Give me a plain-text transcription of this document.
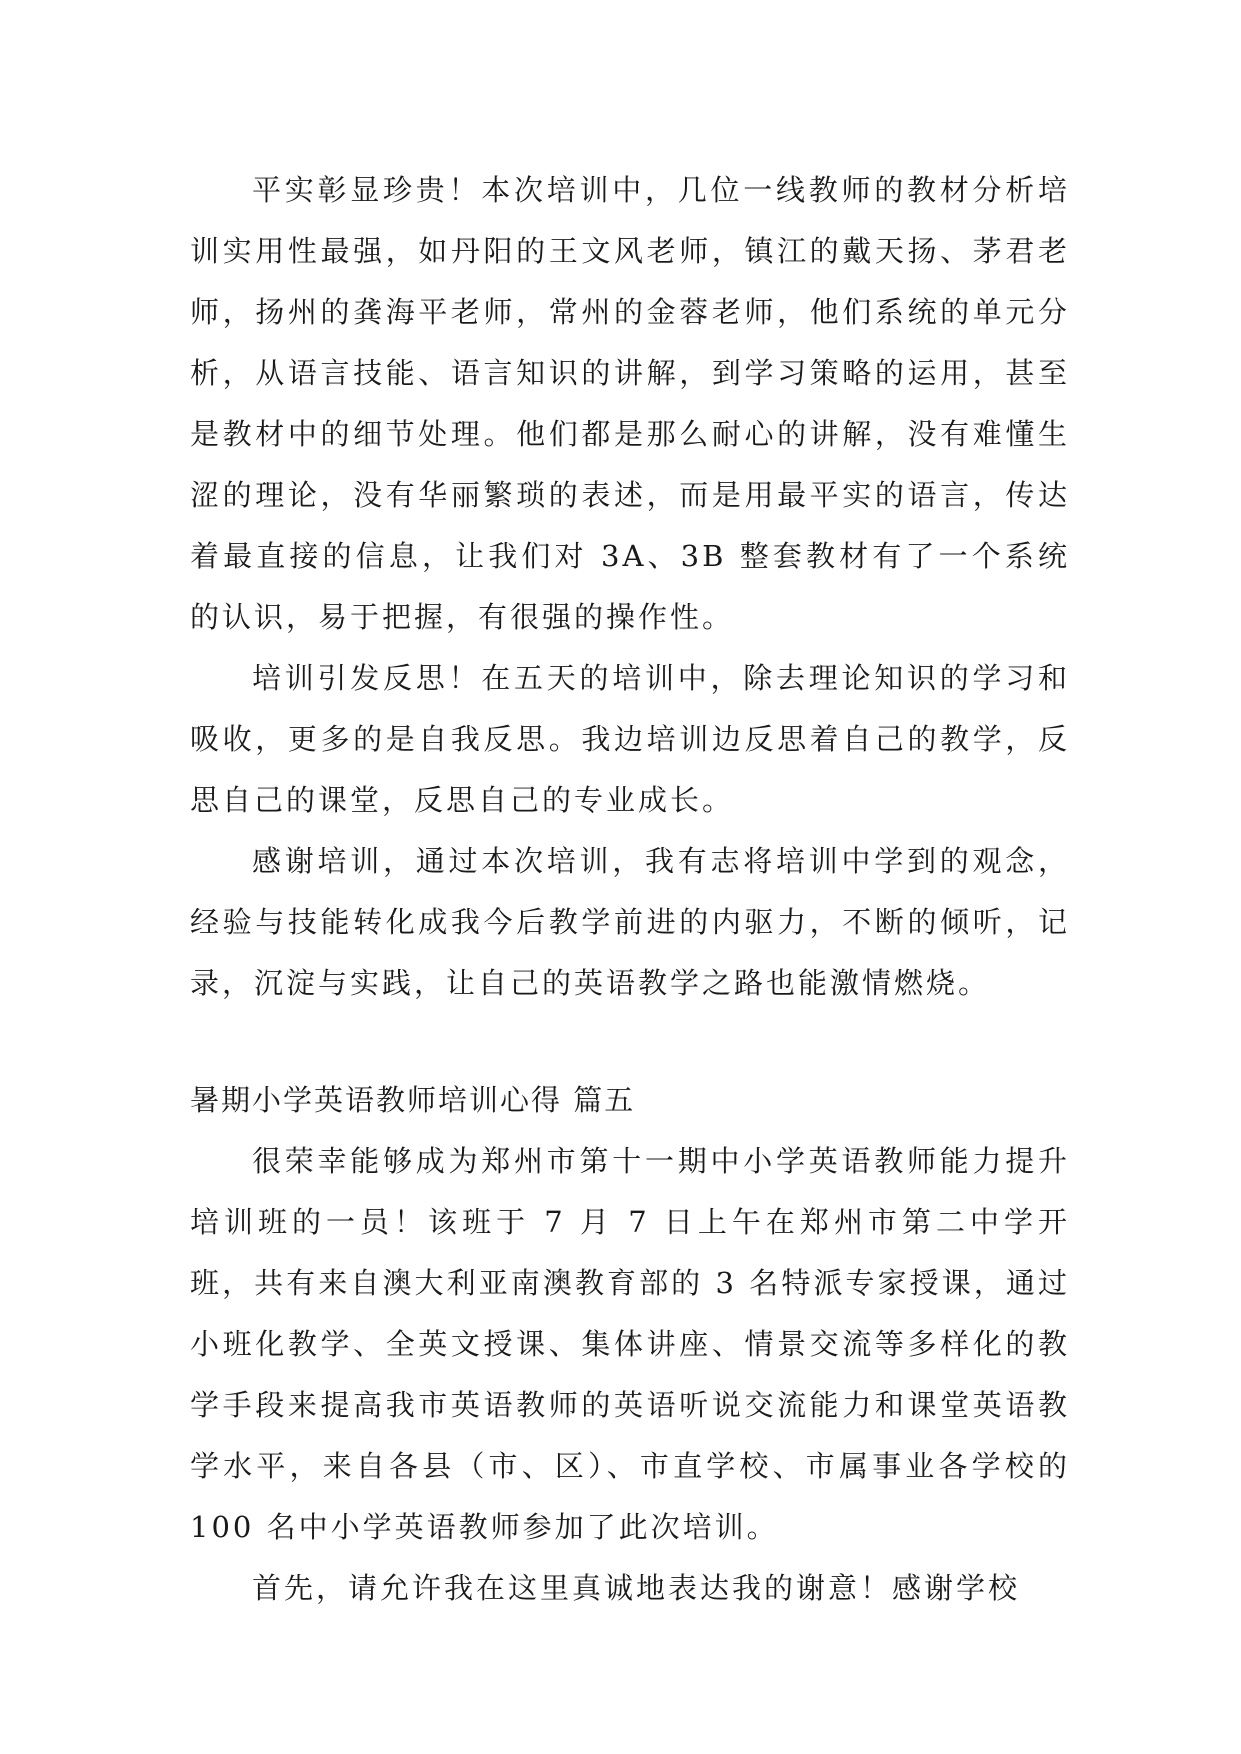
平实彰显珍贵！本次培训中，几位一线教师的教材分析培训实用性最强，如丹阳的王文风老师，镇江的戴天扬、茅君老师，扬州的龚海平老师，常州的金蓉老师，他们系统的单元分析，从语言技能、语言知识的讲解，到学习策略的运用，甚至是教材中的细节处理。他们都是那么耐心的讲解，没有难懂生涩的理论，没有华丽繁琐的表述，而是用最平实的语言，传达着最直接的信息，让我们对 3A、3B 整套教材有了一个系统的认识，易于把握，有很强的操作性。

培训引发反思！在五天的培训中，除去理论知识的学习和吸收，更多的是自我反思。我边培训边反思着自己的教学，反思自己的课堂，反思自己的专业成长。

感谢培训，通过本次培训，我有志将培训中学到的观念，经验与技能转化成我今后教学前进的内驱力，不断的倾听，记录，沉淀与实践，让自己的英语教学之路也能激情燃烧。

暑期小学英语教师培训心得 篇五

很荣幸能够成为郑州市第十一期中小学英语教师能力提升培训班的一员！该班于 7 月 7 日上午在郑州市第二中学开班，共有来自澳大利亚南澳教育部的 3 名特派专家授课，通过小班化教学、全英文授课、集体讲座、情景交流等多样化的教学手段来提高我市英语教师的英语听说交流能力和课堂英语教学水平，来自各县（市、区）、市直学校、市属事业各学校的 100 名中小学英语教师参加了此次培训。

首先，请允许我在这里真诚地表达我的谢意！感谢学校
